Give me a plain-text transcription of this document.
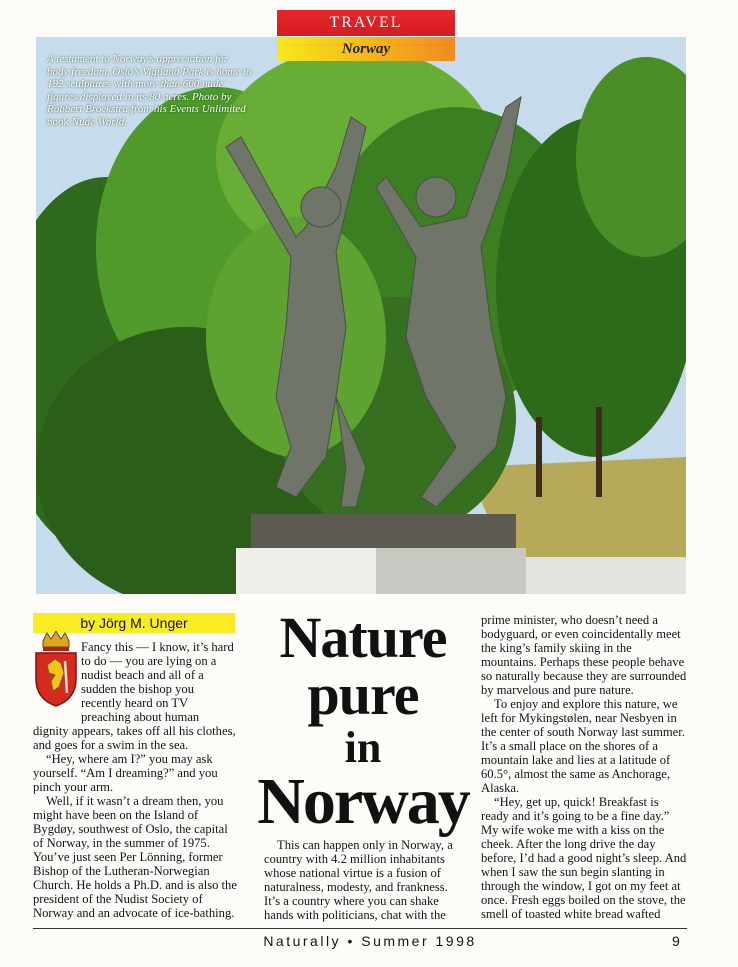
A testament to Norway’s appreciation for body freedom, Oslo’s Vigiland Park is home to 192 sculptures with more than 600 nude figures displayed in its 80 acres. Photo by Robbert Broekstra from his Events Unlimited book Nude World.
TRAVEL
Norway
by Jörg M. Unger

Fancy this — I know, it’s hard to do — you are lying on a nudist beach and all of a sudden the bishop you recently heard on TV preaching about human dignity appears, takes off all his clothes, and goes for a swim in the sea.

“Hey, where am I?” you may ask yourself. “Am I dreaming?” and you pinch your arm.

Well, if it wasn’t a dream then, you might have been on the Island of Bygdøy, southwest of Oslo, the capital of Norway, in the summer of 1975. You’ve just seen Per Lönning, former Bishop of the Lutheran-Norwegian Church. He holds a Ph.D. and is also the president of the Nudist Society of Norway and an advocate of ice-bathing.

Nature
pure
in
Norway

This can happen only in Norway, a country with 4.2 million inhabitants whose national virtue is a fusion of naturalness, modesty, and frankness. It’s a country where you can shake hands with politicians, chat with the

prime minister, who doesn’t need a bodyguard, or even coincidentally meet the king’s family skiing in the mountains. Perhaps these people behave so naturally because they are surrounded by marvelous and pure nature.

To enjoy and explore this nature, we left for Mykingstølen, near Nesbyen in the center of south Norway last summer. It’s a small place on the shores of a mountain lake and lies at a latitude of 60.5°, almost the same as Anchorage, Alaska.

“Hey, get up, quick! Breakfast is ready and it’s going to be a fine day.” My wife woke me with a kiss on the cheek. After the long drive the day before, I’d had a good night’s sleep. And when I saw the sun begin slanting in through the window, I got on my feet at once. Fresh eggs boiled on the stove, the smell of toasted white bread wafted

Naturally • Summer 1998	9
